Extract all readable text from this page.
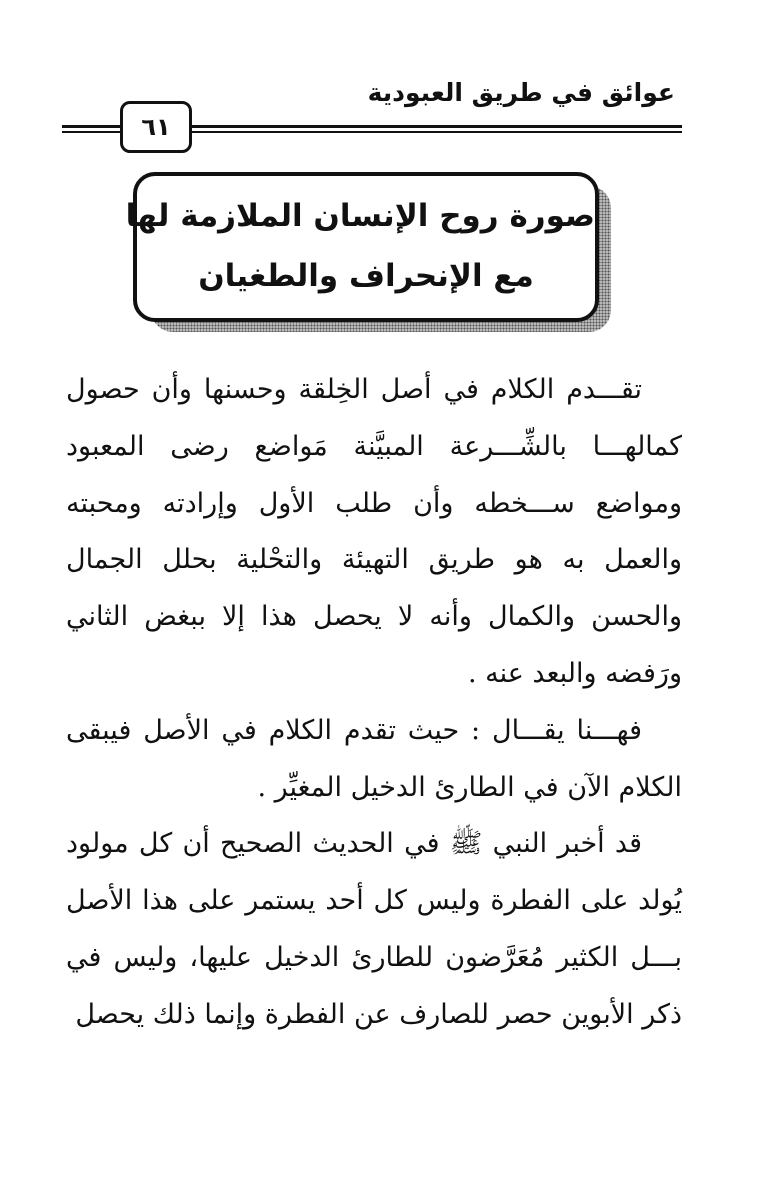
عوائق في طريق العبودية
٦١
صورة روح الإنسان الملازمة لها
مع الإنحراف والطغيان

تقـــدم الكلام في أصل الخِلقة وحسنها وأن حصول كمالهـــا بالشِّـــرعة المبيَّنة مَواضع رضى المعبود ومواضع ســـخطه وأن طلب الأول وإرادته ومحبته والعمل به هو طريق التهيئة والتحْلية بحلل الجمال والحسن والكمال وأنه لا يحصل هذا إلا ببغض الثاني ورَفضه والبعد عنه .

فهـــنا يقـــال : حيث تقدم الكلام في الأصل فيبقى الكلام الآن في الطارئ الدخيل المغيِّر .

قد أخبر النبي ﷺ في الحديث الصحيح أن كل مولود يُولد على الفطرة وليس كل أحد يستمر على هذا الأصل بـــل الكثير مُعَرَّضون للطارئ الدخيل عليها، وليس في ذكر الأبوين حصر للصارف عن الفطرة وإنما ذلك يحصل
